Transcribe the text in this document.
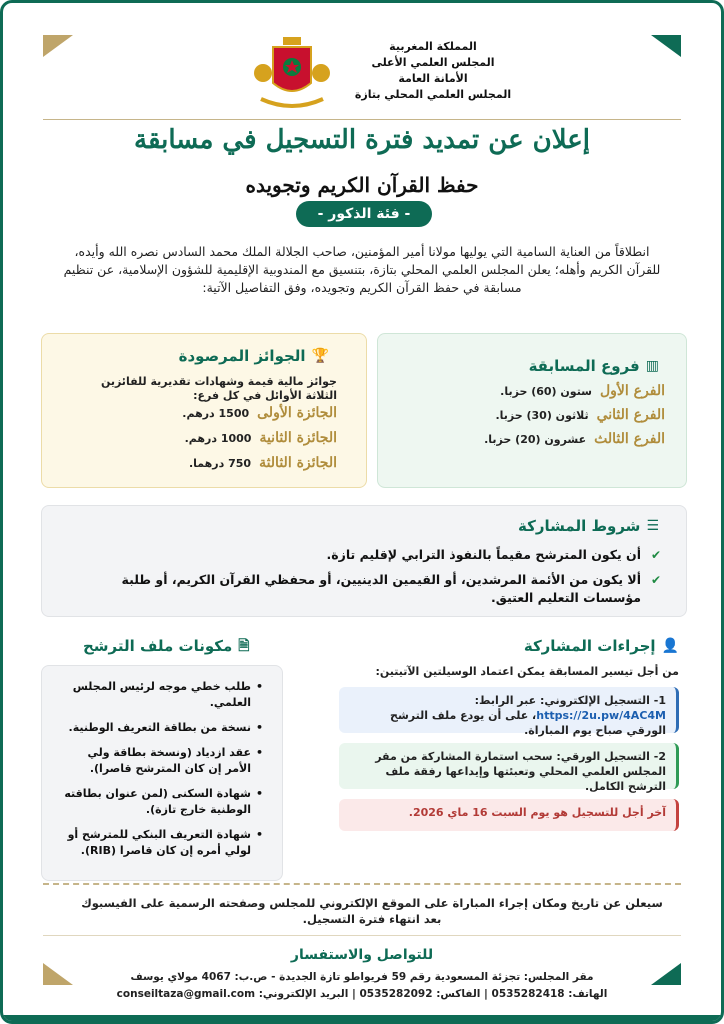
المملكة المغربية
المجلس العلمي الأعلى
الأمانة العامة
المجلس العلمي المحلي بتازة
إعلان عن تمديد فترة التسجيل في مسابقة
حفظ القرآن الكريم وتجويده
- فئة الذكور -
انطلاقاً من العناية السامية التي يوليها مولانا أمير المؤمنين، صاحب الجلالة الملك محمد السادس نصره الله وأيده، للقرآن الكريم وأهله؛ يعلن المجلس العلمي المحلي بتازة، بتنسيق مع المندوبية الإقليمية للشؤون الإسلامية، عن تنظيم مسابقة في حفظ القرآن الكريم وتجويده، وفق التفاصيل الآتية:
🏆
الجوائز المرصودة
جوائز مالية قيمة وشهادات تقديرية للفائزين الثلاثة الأوائل في كل فرع:
الجائزة الأولى
1500 درهم.
الجائزة الثانية
1000 درهم.
الجائزة الثالثة
750 درهما.
▥
فروع المسابقة
الفرع الأول
ستون (60) حزبا.
الفرع الثاني
ثلاثون (30) حزبا.
الفرع الثالث
عشرون (20) حزبا.
☰
شروط المشاركة
✔
أن يكون المترشح مقيماً بالنفوذ الترابي لإقليم تازة.
✔
ألا يكون من الأئمة المرشدين، أو القيمين الدينيين، أو محفظي القرآن الكريم، أو طلبة مؤسسات التعليم العتيق.
👤
إجراءات المشاركة
من أجل تيسير المسابقة يمكن اعتماد الوسيلتين الآتيتين:
1- التسجيل الإلكتروني: عبر الرابط: https://2u.pw/4AC4M، على أن يودع ملف الترشح الورقي صباح يوم المباراة.
2- التسجيل الورقي: سحب استمارة المشاركة من مقر المجلس العلمي المحلي وتعبئتها وإيداعها رفقة ملف الترشح الكامل.
آخر أجل للتسجيل هو يوم السبت 16 ماي 2026.
🗎
مكونات ملف الترشح
• طلب خطي موجه لرئيس المجلس العلمي.
• نسخة من بطاقة التعريف الوطنية.
• عقد ازدياد (ونسخة بطاقة ولي الأمر إن كان المترشح قاصرا).
• شهادة السكنى (لمن عنوان بطاقته الوطنية خارج تازة).
• شهادة التعريف البنكي للمترشح أو لولي أمره إن كان قاصرا (RIB).
سيعلن عن تاريخ ومكان إجراء المباراة على الموقع الإلكتروني للمجلس وصفحته الرسمية على الفيسبوك بعد انتهاء فترة التسجيل.
للتواصل والاستفسار
مقر المجلس: تجزئة المسعودية رقم 59 فريواطو تازة الجديدة - ص.ب: 4067 مولاي يوسف
الهاتف: 0535282418 | الفاكس: 0535282092 | البريد الإلكتروني: conseiltaza@gmail.com
